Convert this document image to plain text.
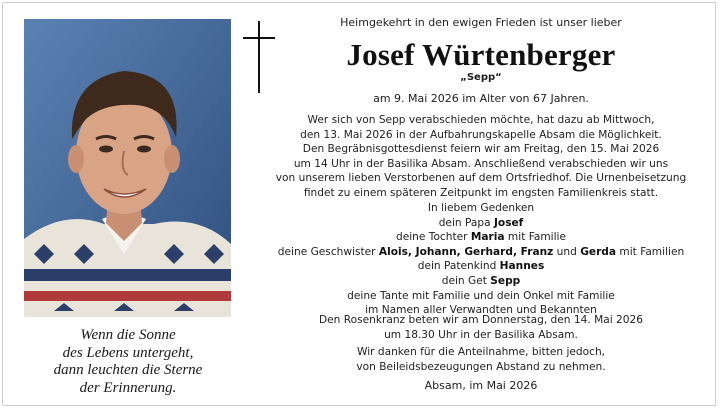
Wenn die Sonne
des Lebens untergeht,
dann leuchten die Sterne
der Erinnerung.
Heimgekehrt in den ewigen Frieden ist unser lieber
Josef Würtenberger
„Sepp“
am 9. Mai 2026 im Alter von 67 Jahren.
Wer sich von Sepp verabschieden möchte, hat dazu ab Mittwoch,
den 13. Mai 2026 in der Aufbahrungskapelle Absam die Möglichkeit.
Den Begräbnisgottesdienst feiern wir am Freitag, den 15. Mai 2026
um 14 Uhr in der Basilika Absam. Anschließend verabschieden wir uns
von unserem lieben Verstorbenen auf dem Ortsfriedhof. Die Urnenbeisetzung
findet zu einem späteren Zeitpunkt im engsten Familienkreis statt.
In liebem Gedenken
dein Papa Josef
deine Tochter Maria mit Familie
deine Geschwister Alois, Johann, Gerhard, Franz und Gerda mit Familien
dein Patenkind Hannes
dein Get Sepp
deine Tante mit Familie und dein Onkel mit Familie
im Namen aller Verwandten und Bekannten
Den Rosenkranz beten wir am Donnerstag, den 14. Mai 2026
um 18.30 Uhr in der Basilika Absam.
Wir danken für die Anteilnahme, bitten jedoch,
von Beileidsbezeugungen Abstand zu nehmen.
Absam, im Mai 2026
